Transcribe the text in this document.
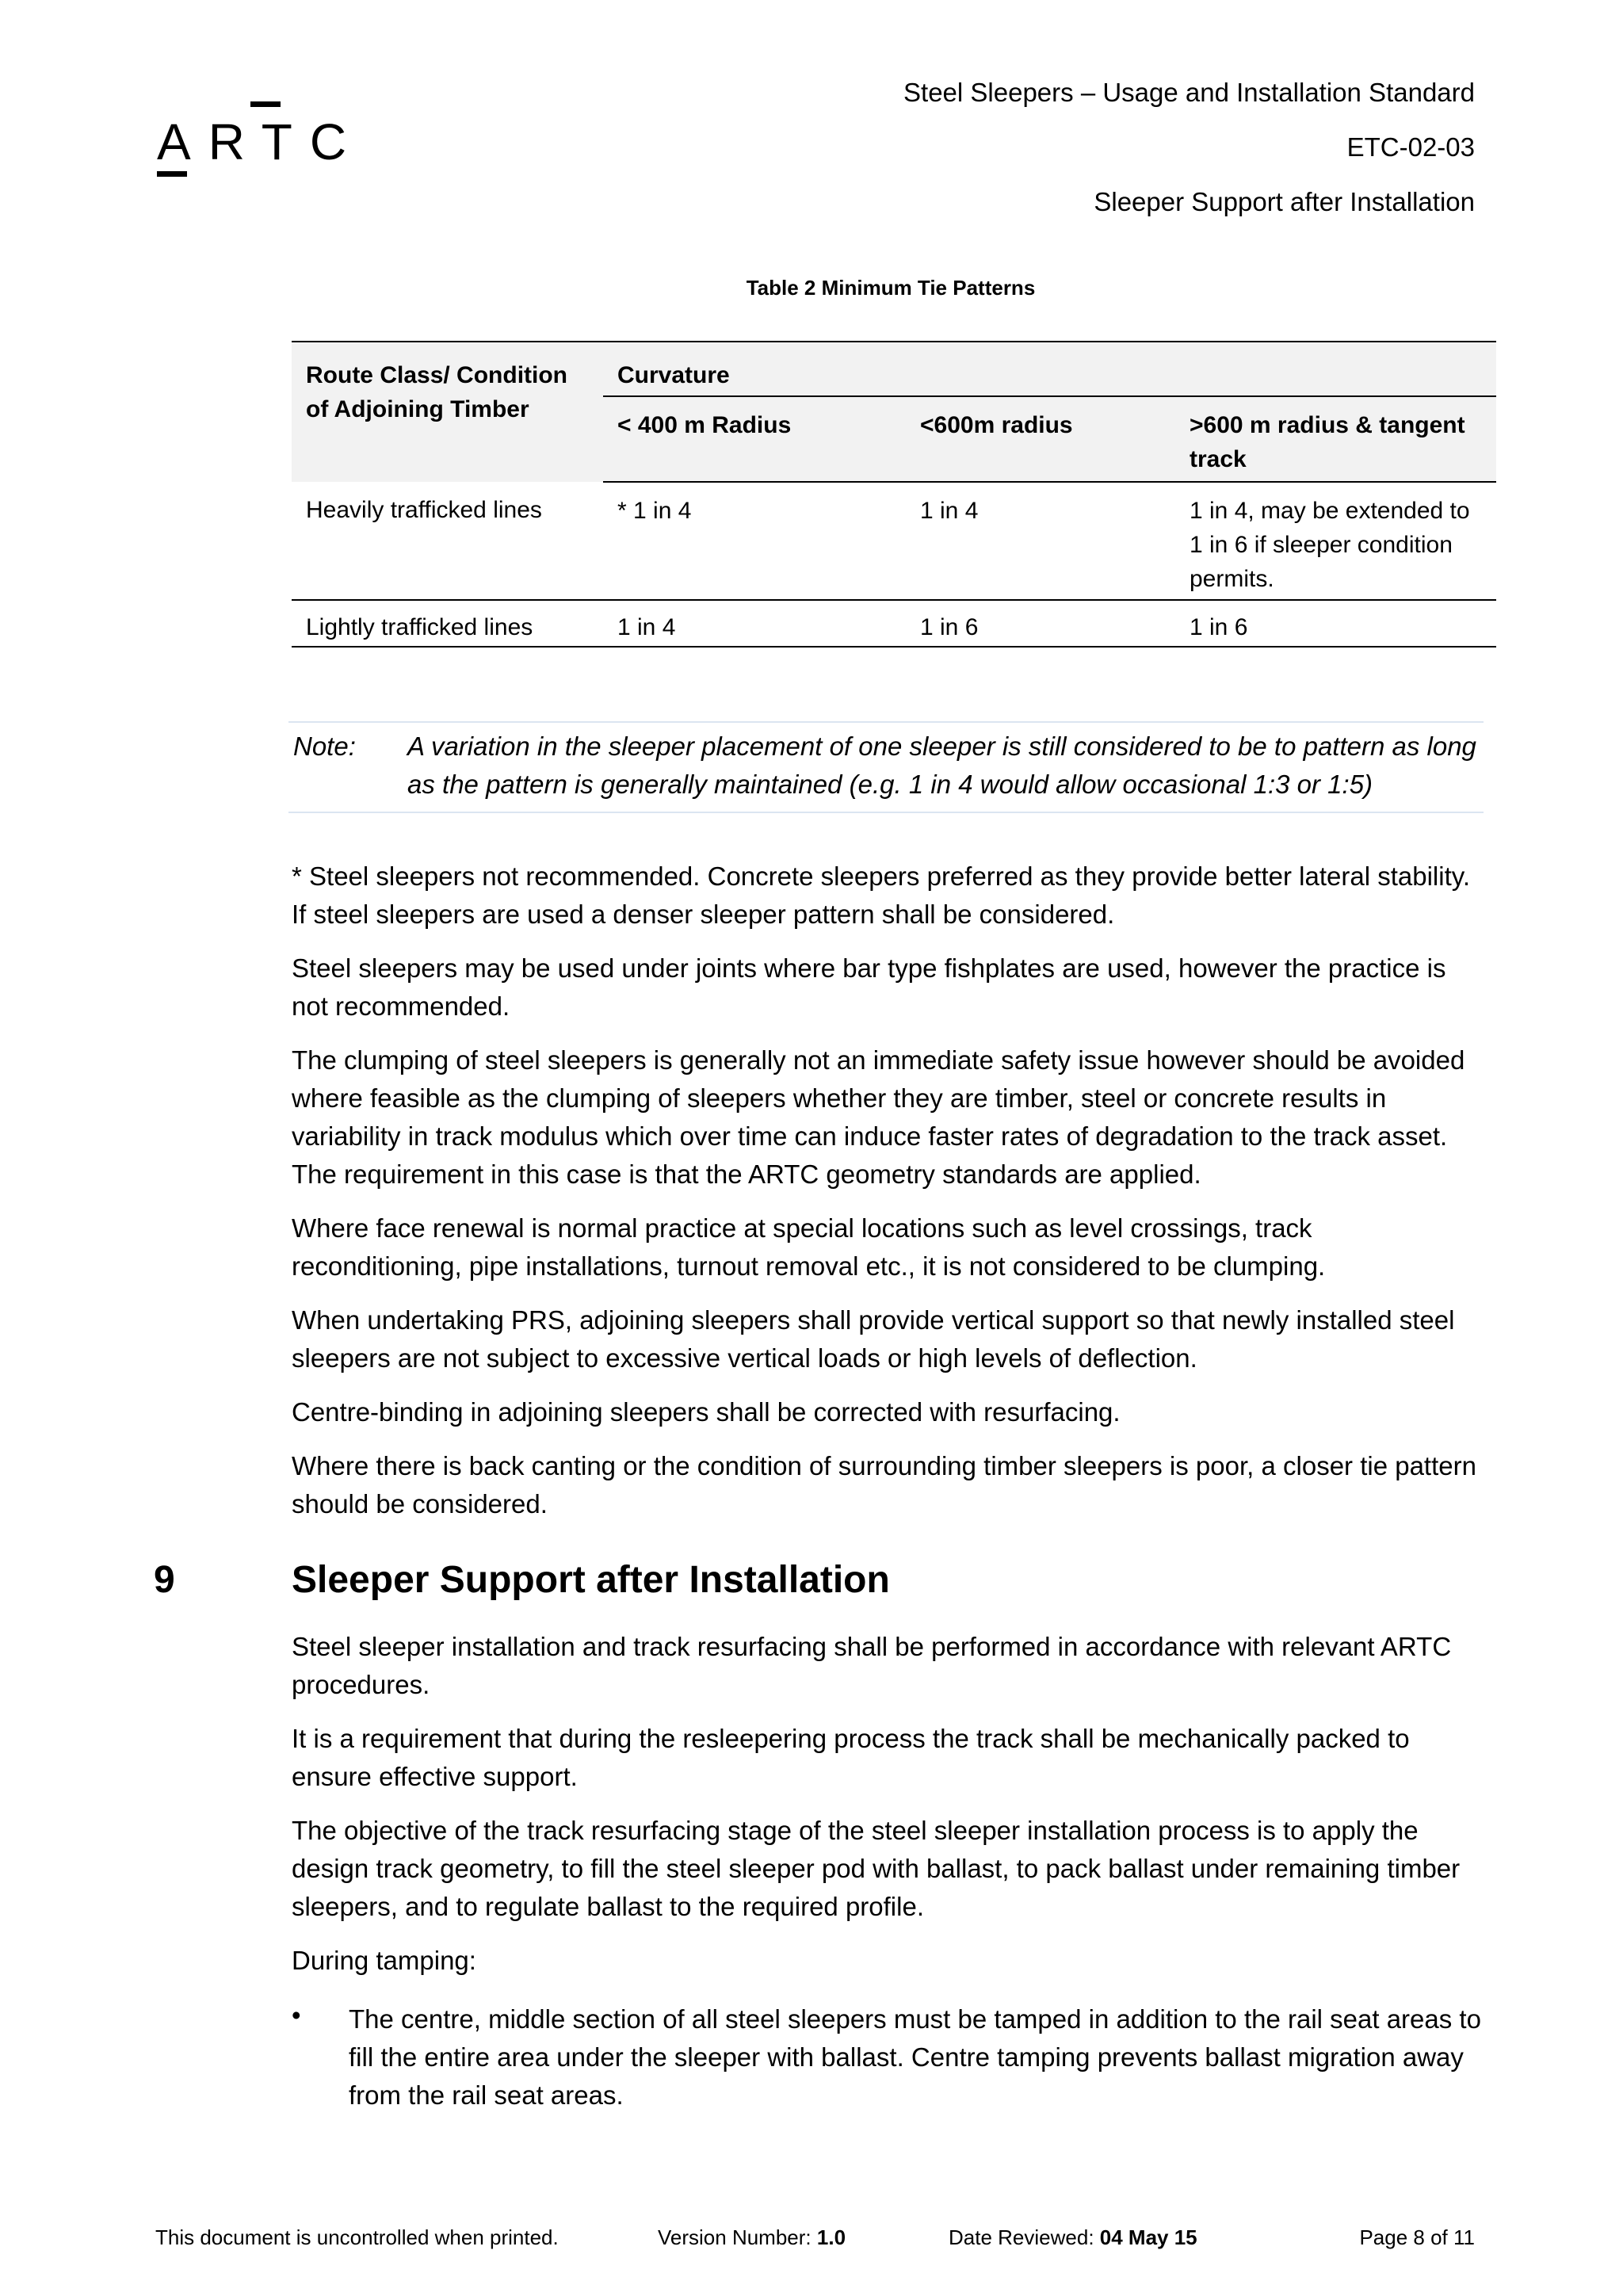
ARTC
Steel Sleepers – Usage and Installation Standard
ETC-02-03
Sleeper Support after Installation
Table 2 Minimum Tie Patterns
Route Class/ Condition of Adjoining Timber	Curvature		
	< 400 m Radius	<600m radius	>600 m radius & tangent track
Heavily trafficked lines	* 1 in 4	1 in 4	1 in 4, may be extended to 1 in 6 if sleeper condition permits.
Lightly trafficked lines	1 in 4	1 in 6	1 in 6
Note: A variation in the sleeper placement of one sleeper is still considered to be to pattern as long as the pattern is generally maintained (e.g. 1 in 4 would allow occasional 1:3 or 1:5)

* Steel sleepers not recommended. Concrete sleepers preferred as they provide better lateral stability. If steel sleepers are used a denser sleeper pattern shall be considered.

Steel sleepers may be used under joints where bar type fishplates are used, however the practice is not recommended.

The clumping of steel sleepers is generally not an immediate safety issue however should be avoided where feasible as the clumping of sleepers whether they are timber, steel or concrete results in variability in track modulus which over time can induce faster rates of degradation to the track asset. The requirement in this case is that the ARTC geometry standards are applied.

Where face renewal is normal practice at special locations such as level crossings, track reconditioning, pipe installations, turnout removal etc., it is not considered to be clumping.

When undertaking PRS, adjoining sleepers shall provide vertical support so that newly installed steel sleepers are not subject to excessive vertical loads or high levels of deflection.

Centre-binding in adjoining sleepers shall be corrected with resurfacing.

Where there is back canting or the condition of surrounding timber sleepers is poor, a closer tie pattern should be considered.

9	Sleeper Support after Installation

Steel sleeper installation and track resurfacing shall be performed in accordance with relevant ARTC procedures.

It is a requirement that during the resleepering process the track shall be mechanically packed to ensure effective support.

The objective of the track resurfacing stage of the steel sleeper installation process is to apply the design track geometry, to fill the steel sleeper pod with ballast, to pack ballast under remaining timber sleepers, and to regulate ballast to the required profile.

During tamping:

• The centre, middle section of all steel sleepers must be tamped in addition to the rail seat areas to fill the entire area under the sleeper with ballast. Centre tamping prevents ballast migration away from the rail seat areas.
This document is uncontrolled when printed.	Version Number: 1.0	Date Reviewed: 04 May 15	Page 8 of 11
